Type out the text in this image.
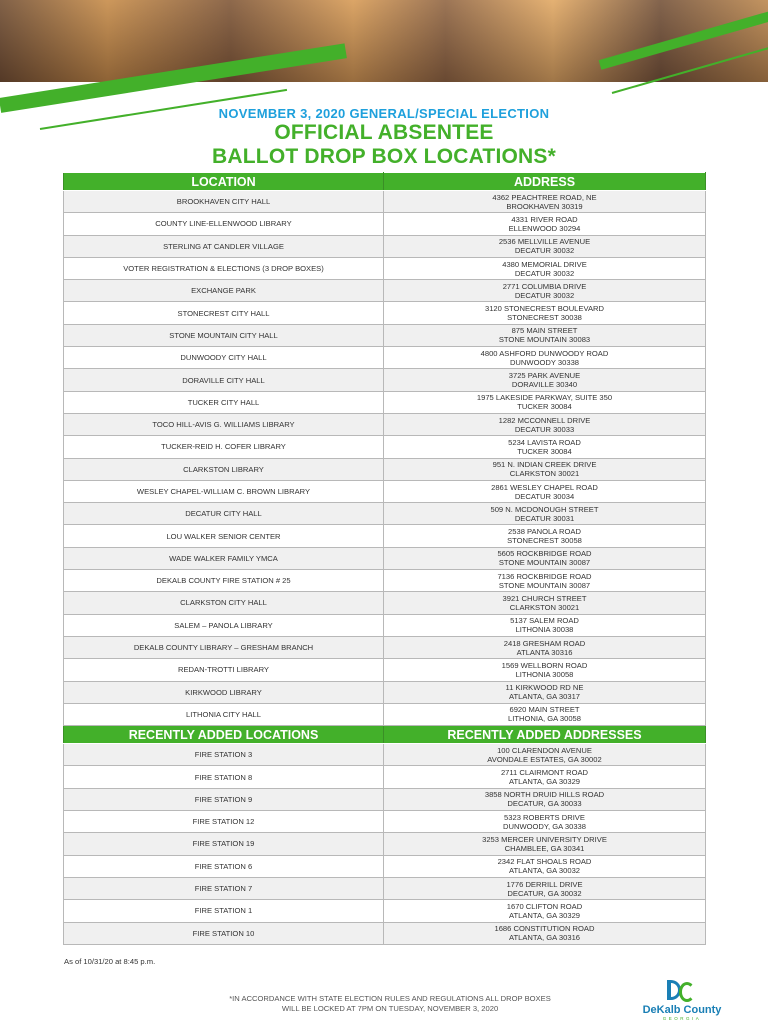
NOVEMBER 3, 2020 GENERAL/SPECIAL ELECTION
OFFICIAL ABSENTEE
BALLOT DROP BOX LOCATIONS*
LOCATION	ADDRESS
BROOKHAVEN CITY HALL	4362 PEACHTREE ROAD, NE
BROOKHAVEN 30319

COUNTY LINE-ELLENWOOD LIBRARY	4331 RIVER ROAD
ELLENWOOD 30294

STERLING AT CANDLER VILLAGE	2536 MELLVILLE AVENUE
DECATUR 30032

VOTER REGISTRATION & ELECTIONS (3 DROP BOXES)	4380 MEMORIAL DRIVE
DECATUR 30032

EXCHANGE PARK	2771 COLUMBIA DRIVE
DECATUR 30032

STONECREST CITY HALL	3120 STONECREST BOULEVARD
STONECREST 30038

STONE MOUNTAIN CITY HALL	875 MAIN STREET
STONE MOUNTAIN 30083

DUNWOODY CITY HALL	4800 ASHFORD DUNWOODY ROAD
DUNWOODY 30338

DORAVILLE CITY HALL	3725 PARK AVENUE
DORAVILLE 30340

TUCKER CITY HALL	1975 LAKESIDE PARKWAY, SUITE 350
TUCKER 30084

TOCO HILL-AVIS G. WILLIAMS LIBRARY	1282 MCCONNELL DRIVE
DECATUR 30033

TUCKER-REID H. COFER LIBRARY	5234 LAVISTA ROAD
TUCKER 30084

CLARKSTON LIBRARY	951 N. INDIAN CREEK DRIVE
CLARKSTON 30021

WESLEY CHAPEL-WILLIAM C. BROWN LIBRARY	2861 WESLEY CHAPEL ROAD
DECATUR 30034

DECATUR CITY HALL	509 N. MCDONOUGH STREET
DECATUR 30031

LOU WALKER SENIOR CENTER	2538 PANOLA ROAD
STONECREST 30058

WADE WALKER FAMILY YMCA	5605 ROCKBRIDGE ROAD
STONE MOUNTAIN 30087

DEKALB COUNTY FIRE STATION # 25	7136 ROCKBRIDGE ROAD
STONE MOUNTAIN 30087

CLARKSTON CITY HALL	3921 CHURCH STREET
CLARKSTON 30021

SALEM – PANOLA LIBRARY	5137 SALEM ROAD
LITHONIA 30038

DEKALB COUNTY LIBRARY – GRESHAM BRANCH	2418 GRESHAM ROAD
ATLANTA 30316

REDAN-TROTTI LIBRARY	1569 WELLBORN ROAD
LITHONIA 30058

KIRKWOOD LIBRARY	11 KIRKWOOD RD NE
ATLANTA, GA 30317

LITHONIA CITY HALL	6920 MAIN STREET
LITHONIA, GA 30058

RECENTLY ADDED LOCATIONS	RECENTLY ADDED ADDRESSES
FIRE STATION 3	100 CLARENDON AVENUE
AVONDALE ESTATES, GA 30002

FIRE STATION 8	2711 CLAIRMONT ROAD
ATLANTA, GA 30329

FIRE STATION 9	3858 NORTH DRUID HILLS ROAD
DECATUR, GA 30033

FIRE STATION 12	5323 ROBERTS DRIVE
DUNWOODY, GA 30338

FIRE STATION 19	3253 MERCER UNIVERSITY DRIVE
CHAMBLEE, GA 30341

FIRE STATION 6	2342 FLAT SHOALS ROAD
ATLANTA, GA 30032

FIRE STATION 7	1776 DERRILL DRIVE
DECATUR, GA 30032

FIRE STATION 1	1670 CLIFTON ROAD
ATLANTA, GA 30329

FIRE STATION 10	1686 CONSTITUTION ROAD
ATLANTA, GA 30316
As of 10/31/20 at 8:45 p.m.
*IN ACCORDANCE WITH STATE ELECTION RULES AND REGULATIONS ALL DROP BOXES
WILL BE LOCKED AT 7PM ON TUESDAY, NOVEMBER 3, 2020	DeKalb County
GEORGIA
